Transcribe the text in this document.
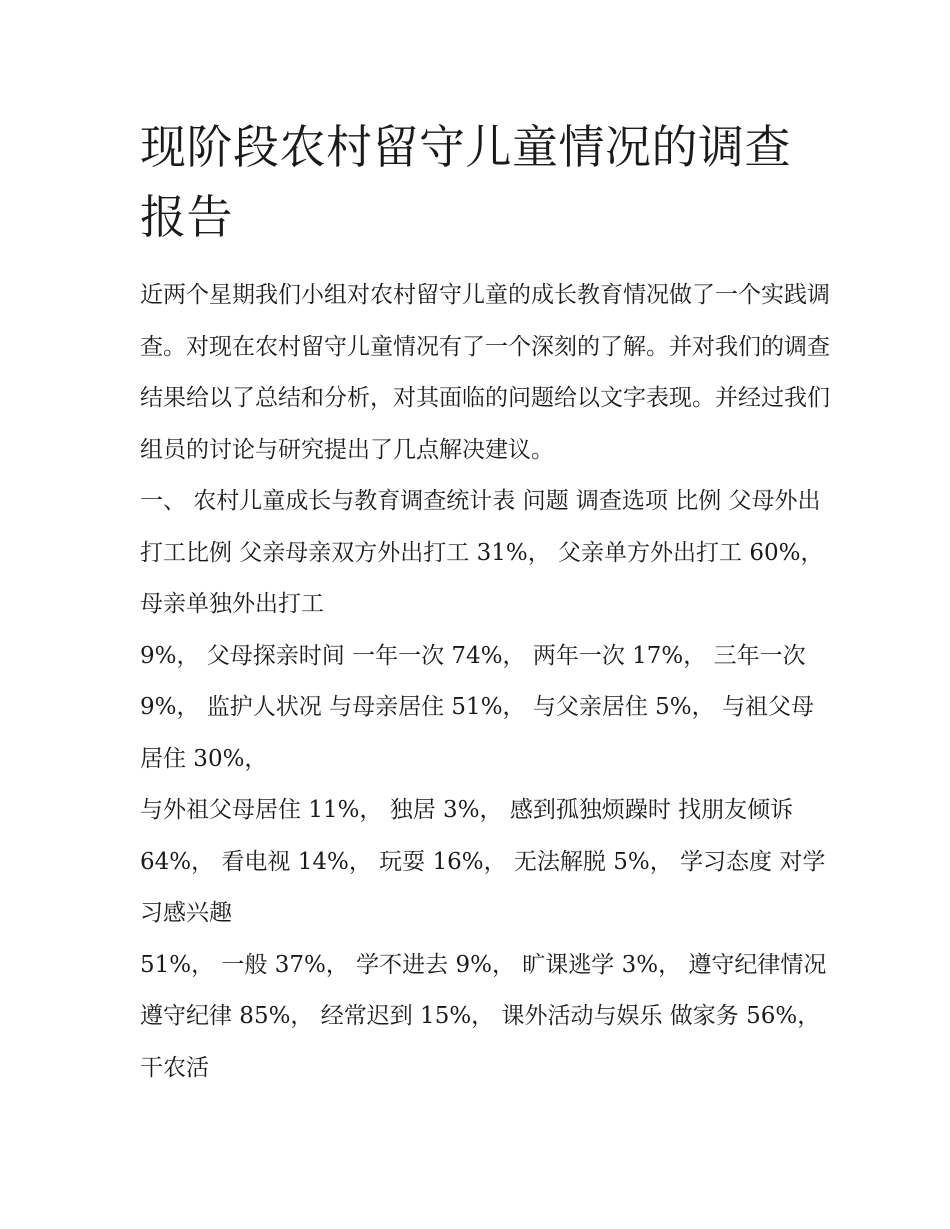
现阶段农村留守儿童情况的调查报告

近两个星期我们小组对农村留守儿童的成长教育情况做了一个实践调查。对现在农村留守儿童情况有了一个深刻的了解。并对我们的调查结果给以了总结和分析，对其面临的问题给以文字表现。并经过我们组员的讨论与研究提出了几点解决建议。

一、 农村儿童成长与教育调查统计表 问题 调查选项 比例 父母外出打工比例 父亲母亲双方外出打工 31%， 父亲单方外出打工 60%， 母亲单独外出打工

9%， 父母探亲时间 一年一次 74%， 两年一次 17%， 三年一次 9%， 监护人状况 与母亲居住 51%， 与父亲居住 5%， 与祖父母居住 30%，

与外祖父母居住 11%， 独居 3%， 感到孤独烦躁时 找朋友倾诉 64%， 看电视 14%， 玩耍 16%， 无法解脱 5%， 学习态度 对学习感兴趣

51%， 一般 37%， 学不进去 9%， 旷课逃学 3%， 遵守纪律情况 遵守纪律 85%， 经常迟到 15%， 课外活动与娱乐 做家务 56%， 干农活
